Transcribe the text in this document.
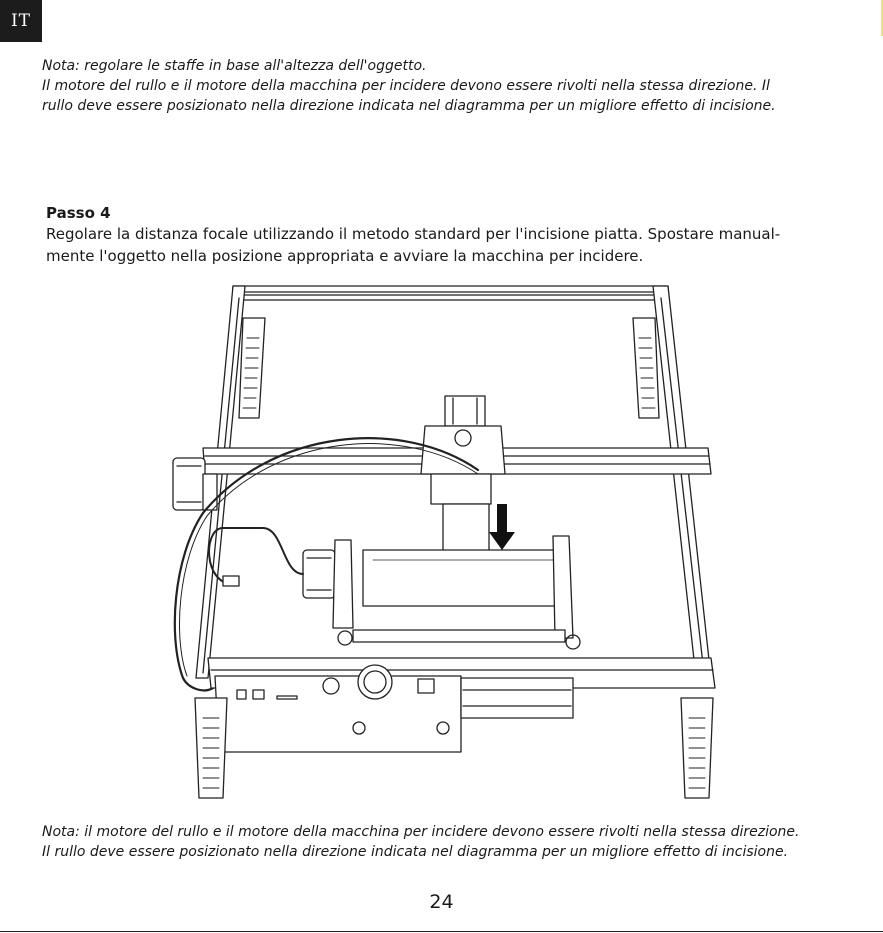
IT

Nota: regolare le staffe in base all'altezza dell'oggetto.

Il motore del rullo e il motore della macchina per incidere devono essere rivolti nella stessa direzione. Il

rullo deve essere posizionato nella direzione indicata nel diagramma per un migliore effetto di incisione.

Passo 4

Regolare la distanza focale utilizzando il metodo standard per l'incisione piatta. Spostare manual-

mente l'oggetto nella posizione appropriata e avviare la macchina per incidere.

Nota: il motore del rullo e il motore della macchina per incidere devono essere rivolti nella stessa direzione.

Il rullo deve essere posizionato nella direzione indicata nel diagramma per un migliore effetto di incisione.

24
